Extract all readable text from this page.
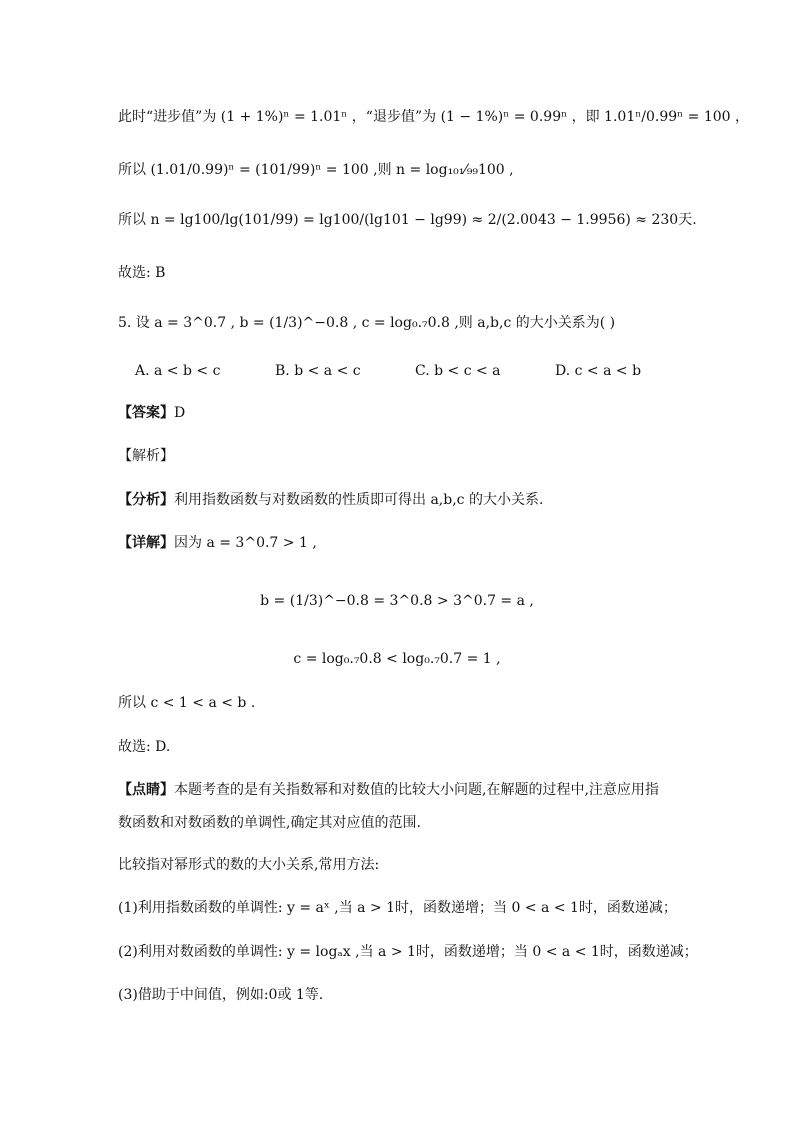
此时“进步值”为 (1 + 1%)ⁿ = 1.01ⁿ ，“退步值”为 (1 − 1%)ⁿ = 0.99ⁿ ，即 1.01ⁿ/0.99ⁿ = 100 ，
所以 (1.01/0.99)ⁿ = (101/99)ⁿ = 100 ,则 n = log₁₀₁⁄₉₉100 ,
所以 n = lg100/lg(101/99) = lg100/(lg101 − lg99) ≈ 2/(2.0043 − 1.9956) ≈ 230天.
故选: B
5. 设 a = 3^0.7 , b = (1/3)^−0.8 , c = log₀.₇0.8 ,则 a,b,c 的大小关系为( )
A. a < b < c	B. b < a < c	C. b < c < a	D. c < a < b
【答案】D
【解析】
【分析】利用指数函数与对数函数的性质即可得出 a,b,c 的大小关系.
【详解】因为 a = 3^0.7 > 1 ,
b = (1/3)^−0.8 = 3^0.8 > 3^0.7 = a ,
c = log₀.₇0.8 < log₀.₇0.7 = 1 ,
所以 c < 1 < a < b .
故选: D.
【点睛】本题考查的是有关指数幂和对数值的比较大小问题,在解题的过程中,注意应用指
数函数和对数函数的单调性,确定其对应值的范围.
比较指对幂形式的数的大小关系,常用方法:
(1)利用指数函数的单调性: y = aˣ ,当 a > 1时，函数递增；当 0 < a < 1时，函数递减；
(2)利用对数函数的单调性: y = logₐx ,当 a > 1时，函数递增；当 0 < a < 1时，函数递减；
(3)借助于中间值，例如:0或 1等.
